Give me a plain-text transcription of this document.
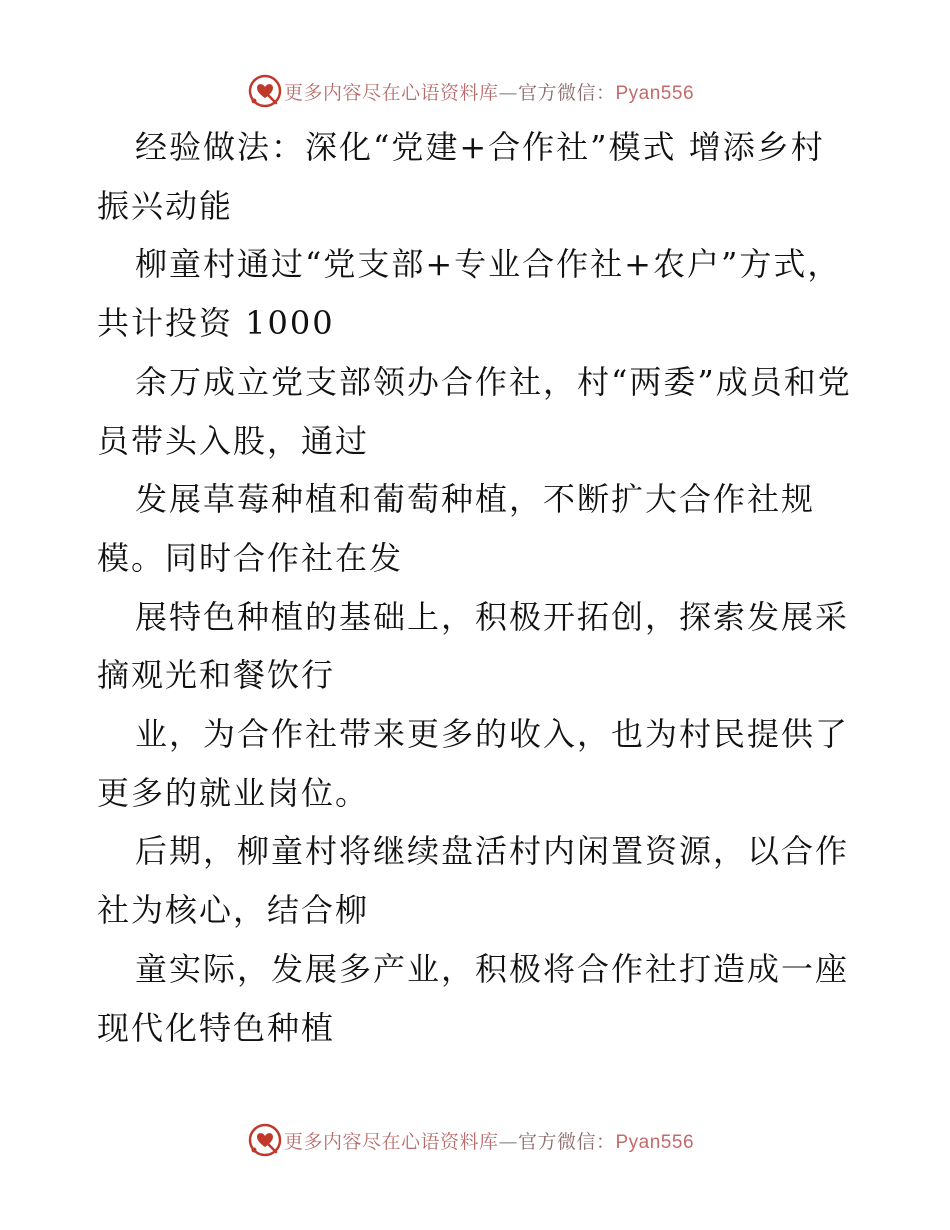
更多内容尽在心语资料库—官方微信：Pyan556

经验做法：深化“党建+合作社”模式 增添乡村振兴动能

柳童村通过“党支部+专业合作社+农户”方式，共计投资 1000

余万成立党支部领办合作社，村“两委”成员和党员带头入股，通过

发展草莓种植和葡萄种植，不断扩大合作社规模。同时合作社在发

展特色种植的基础上，积极开拓创，探索发展采摘观光和餐饮行

业，为合作社带来更多的收入，也为村民提供了更多的就业岗位。

后期，柳童村将继续盘活村内闲置资源，以合作社为核心，结合柳

童实际，发展多产业，积极将合作社打造成一座现代化特色种植

更多内容尽在心语资料库—官方微信：Pyan556
